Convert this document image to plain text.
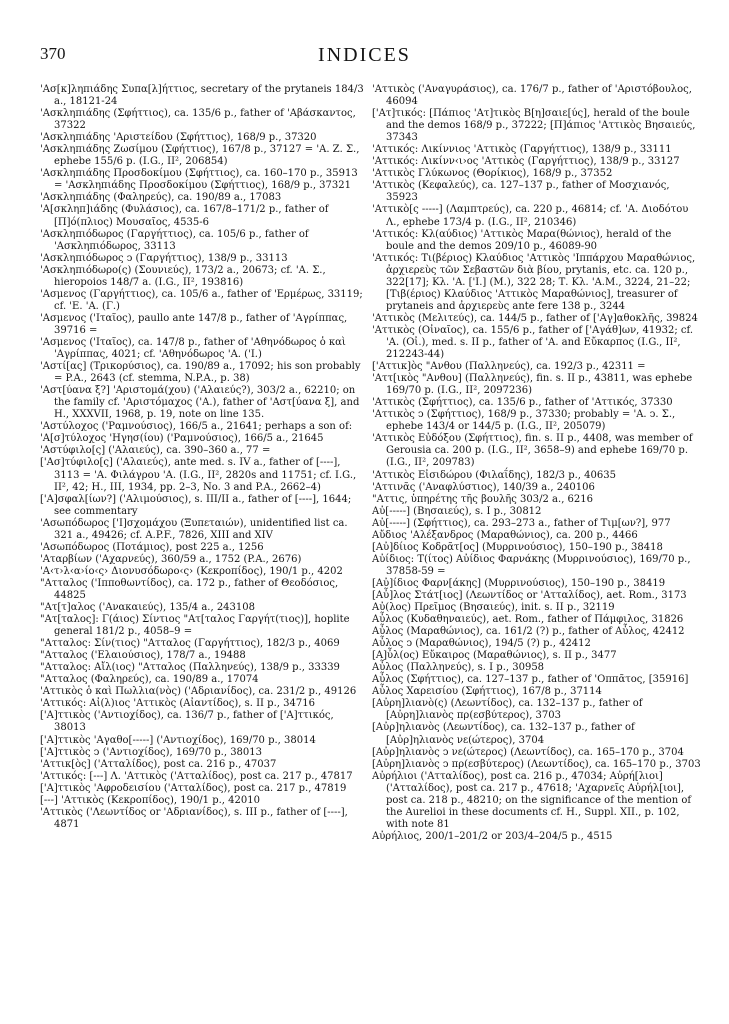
370	INDICES

'Ασ[κ]ληπιάδης Συπα[λ]ήττιος, secretary of the prytaneis 184/3 a., 18121-24

'Ασκληπιάδης (Σφήττιος), ca. 135/6 p., father of 'Αβάσκαντος, 37322

'Ασκληπιάδης 'Αριστείδου (Σφήττιος), 168/9 p., 37320

'Ασκληπιάδης Ζωσίμου (Σφήττιος), 167/8 p., 37127 = 'Α. Ζ. Σ., ephebe 155/6 p. (I.G., II², 206854)

'Ασκληπιάδης Προσδοκίμου (Σφήττιος), ca. 160–170 p., 35913 = 'Ασκληπιάδης Προσδοκίμου (Σφήττιος), 168/9 p., 37321

'Ασκληπιάδης (Φαληρεύς), ca. 190/89 a., 17083

'Α[σκληπ]ιάδης (Φυλάσιος), ca. 167/8–171/2 p., father of [Π]ό(πλιος) Μουσαῖος, 4535-6

'Ασκληπιόδωρος (Γαργήττιος), ca. 105/6 p., father of 'Ασκληπιόδωρος, 33113

'Ασκληπιόδωρος ͻ (Γαργήττιος), 138/9 p., 33113

'Ασκληπιόδωρο(ς) (Σουνιεύς), 173/2 a., 20673; cf. 'Α. Σ., hieropoios 148/7 a. (I.G., II², 193816)

'Ασμενος (Γαργήττιος), ca. 105/6 a., father of 'Ερμέρως, 33119; cf. 'Ε. 'Α. (Γ.)

'Ασμενος ('Ιταῖος), paullo ante 147/8 p., father of 'Αγρίππας, 39716 =

'Ασμενος ('Ιταῖος), ca. 147/8 p., father of 'Αθηνόδωρος ὁ καὶ 'Αγρίππας, 4021; cf. 'Αθηνόδωρος 'Α. ('Ι.)

'Αστί[ας] (Τρικορύσιος), ca. 190/89 a., 17092; his son probably = P.A., 2643 (cf. stemma, N.P.A., p. 38)

'Αστ[ύανα ξ?] 'Αριστομά(χου) ('Αλαιεύς?), 303/2 a., 62210; on the family cf. 'Αριστόμαχος ('Α.), father of 'Αστ[ύανα ξ], and H., XXXVII, 1968, p. 19, note on line 135.

'Αστύλοχος ('Ραμνούσιος), 166/5 a., 21641; perhaps a son of:

'Α[σ]τύλοχος 'Ηγησ(ίου) ('Ραμνούσιος), 166/5 a., 21645

'Αστύφιλο[ς] ('Αλαιεύς), ca. 390–360 a., 77 =

['Ασ]τύφιλο[ς] ('Αλαιεύς), ante med. s. IV a., father of [----], 3113 = 'Α. Φιλάγρου 'Α. (I.G., II², 2820s and 11751; cf. I.G., II², 42; H., III, 1934, pp. 2–3, No. 3 and P.A., 2662–4)

['Α]σφαλ[ίων?] ('Αλιμούσιος), s. III/II a., father of [----], 1644; see commentary

'Ασωπόδωρος ['Ι]σχομάχου (Ξυπεταιών), unidentified list ca. 321 a., 49426; cf. A.P.F., 7826, XIII and XIV

'Ασωπόδωρος (Ποτάμιος), post 225 a., 1256

'Αταρβίων ('Αχαρνεύς), 360/59 a., 1752 (P.A., 2676)

'Α‹τ›λ‹α›ίο‹ς› Διονυσόδωρο‹ς› (Κεκροπίδος), 190/1 p., 4202

"Ατταλος ('Ιπποθωντίδος), ca. 172 p., father of Θεοδόσιος, 44825

"Ατ[τ]αλος ('Ανακαιεύς), 135/4 a., 243108

"Ατ[ταλος]: Γ(άιος) Σίντιος "Ατ[ταλος Γαργήτ(τιος)], hoplite general 181/2 p., 4058–9 =

"Ατταλος: Σίν(τιος) "Ατταλος (Γαργήττιος), 182/3 p., 4069

"Ατταλος ('Ελαιούσιος), 178/7 a., 19488

"Ατταλος: Αἴλ(ιος) "Ατταλος (Παλληνεύς), 138/9 p., 33339

"Ατταλος (Φαληρεύς), ca. 190/89 a., 17074

'Αττικὸς ὁ καὶ Πωλλια(νὸς) ('Αδριανίδος), ca. 231/2 p., 49126

'Αττικός: Αἰ(λ)ιος 'Αττικὸς (Αἰαντίδος), s. II p., 34716

['Α]ττικὸς ('Αντιοχίδος), ca. 136/7 p., father of ['Α]ττικός, 38013

['Α]ττικὸς 'Αγαθο[-----] ('Αντιοχίδος), 169/70 p., 38014

['Α]ττικὸς ͻ ('Αντιοχίδος), 169/70 p., 38013

'Αττικ[ὸς] ('Ατταλίδος), post ca. 216 p., 47037

'Αττικός: [---] Λ. 'Αττικὸς ('Ατταλίδος), post ca. 217 p., 47817

['Α]ττικὸς 'Αφροδεισίου ('Ατταλίδος), post ca. 217 p., 47819

[---] 'Αττικὸς (Κεκροπίδος), 190/1 p., 42010

'Αττικὸς ('Λεωντίδος or 'Αδριανίδος), s. III p., father of [----], 4871

'Αττικὸς ('Αναγυράσιος), ca. 176/7 p., father of 'Αριστόβουλος, 46094

['Ατ]τικός: [Πάπιος 'Ατ]τικὸς Β[η]σαιε[ύς], herald of the boule and the demos 168/9 p., 37222; [Π]άπιος 'Αττικὸς Βησαιεύς, 37343

'Αττικός: Λικίννιος 'Αττικὸς (Γαργήττιος), 138/9 p., 33111

'Αττικός: Λικίνν‹ι›ος 'Αττικὸς (Γαργήττιος), 138/9 p., 33127

'Αττικὸς Γλύκωνος (Θορίκιος), 168/9 p., 37352

'Αττικὸς (Κεφαλεύς), ca. 127–137 p., father of Μοσχιανός, 35923

'Αττικὸ[ς -----] (Λαμπτρεύς), ca. 220 p., 46814; cf. 'Α. Διοδότου Λ., ephebe 173/4 p. (I.G., II², 210346)

'Αττικός: Κλ(αύδιος) 'Αττικὸς Μαρα(θώνιος), herald of the boule and the demos 209/10 p., 46089-90

'Αττικός: Τι(βέριος) Κλαύδιος 'Αττικὸς 'Ιππάρχου Μαραθώνιος, ἀρχιερεὺς τῶν Σεβαστῶν διὰ βίου, prytanis, etc. ca. 120 p., 322[17]; Κλ. 'Α. ['Ι.] (Μ.), 322 28; Τ. Κλ. 'Α.Μ., 3224, 21–22; [Τιβ(έριος) Κλαύδιος 'Αττικὸς Μαραθώνιος], treasurer of prytaneis and ἀρχιερεὺς ante fere 138 p., 3244

'Αττικὸς (Μελιτεύς), ca. 144/5 p., father of ['Αγ]αθοκλῆς, 39824

'Αττικὸς (Οἰναῖος), ca. 155/6 p., father of ['Αγάθ]ων, 41932; cf. 'Α. (Οἰ.), med. s. II p., father of 'Α. and Εὔκαρπος (I.G., II², 212243-44)

['Αττικ]ὸς "Ανθου (Παλληνεύς), ca. 192/3 p., 42311 =

'Αττ[ικὸς "Ανθου] (Παλληνεύς), fin. s. II p., 43811, was ephebe 169/70 p. (I.G., II², 2097236)

'Αττικὸς (Σφήττιος), ca. 135/6 p., father of 'Αττικός, 37330

'Αττικὸς ͻ (Σφήττιος), 168/9 p., 37330; probably = 'Α. ͻ. Σ., ephebe 143/4 or 144/5 p. (I.G., II², 205079)

'Αττικὸς Εὐδόξου (Σφήττιος), fin. s. II p., 4408, was member of Gerousia ca. 200 p. (I.G., II², 3658–9) and ephebe 169/70 p. (I.G., II², 209783)

'Αττικὸς Εἰσιδώρου (Φιλαΐδης), 182/3 p., 40635

'Αττινᾶς ('Αναφλύστιος), 140/39 a., 240106

"Αττις, ὑπηρέτης τῆς βουλῆς 303/2 a., 6216

Αὐ[-----] (Βησαιεύς), s. I p., 30812

Αὐ[-----] (Σφήττιος), ca. 293–273 a., father of Τιμ[ων?], 977

Αὔδιος 'Αλέξανδρος (Μαραθώνιος), ca. 200 p., 4466

[Αὐ]δίιος Κοδρᾶτ[ος] (Μυρρινούσιος), 150–190 p., 38418

Αὐίδιος: Τ(ίτος) Αὐίδιος Φαρνάκης (Μυρρινούσιος), 169/70 p., 37858-59 =

[Αὐ]ίδιος Φαρν[άκης] (Μυρρινούσιος), 150–190 p., 38419

[Αὖ]λος Στάτ[ιος] (Λεωντίδος or 'Ατταλίδος), aet. Rom., 3173

Αὐ(λος) Πρεῖμος (Βησαιεύς), init. s. II p., 32119

Αὖλος (Κυδαθηναιεύς), aet. Rom., father of Πάμφιλος, 31826

Αὖλος (Μαραθώνιος), ca. 161/2 (?) p., father of Αὖλος, 42412

Αὖλος ͻ (Μαραθώνιος), 194/5 (?) p., 42412

[Α]ὖλ(ος) Εὔκαιρος (Μαραθώνιος), s. II p., 3477

Αὖλος (Παλληνεύς), s. I p., 30958

Αὖλος (Σφήττιος), ca. 127–137 p., father of 'Οππᾶτος, [35916]

Αὖλος Χαρεισίου (Σφήττιος), 167/8 p., 37114

[Αὐρη]λιανὸ(ς) (Λεωντίδος), ca. 132–137 p., father of [Αὐρη]λιανὸς πρ(εσβύτερος), 3703

[Αὐρ]ηλιανὸς (Λεωντίδος), ca. 132–137 p., father of [Αὐρ]ηλιανὸς νε(ώτερος), 3704

[Αὐρ]ηλιανὸς ͻ νε(ώτερος) (Λεωντίδος), ca. 165–170 p., 3704

[Αὐρη]λιανὸς ͻ πρ(εσβύτερος) (Λεωντίδος), ca. 165–170 p., 3703

Αὐρήλιοι ('Ατταλίδος), post ca. 216 p., 47034; Αὐρή[λιοι] ('Ατταλίδος), post ca. 217 p., 47618; 'Αχαρνεῖς Αὐρήλ[ιοι], post ca. 218 p., 48210; on the significance of the mention of the Aurelioi in these documents cf. H., Suppl. XII., p. 102, with note 81

Αὐρήλιος, 200/1–201/2 or 203/4–204/5 p., 4515
